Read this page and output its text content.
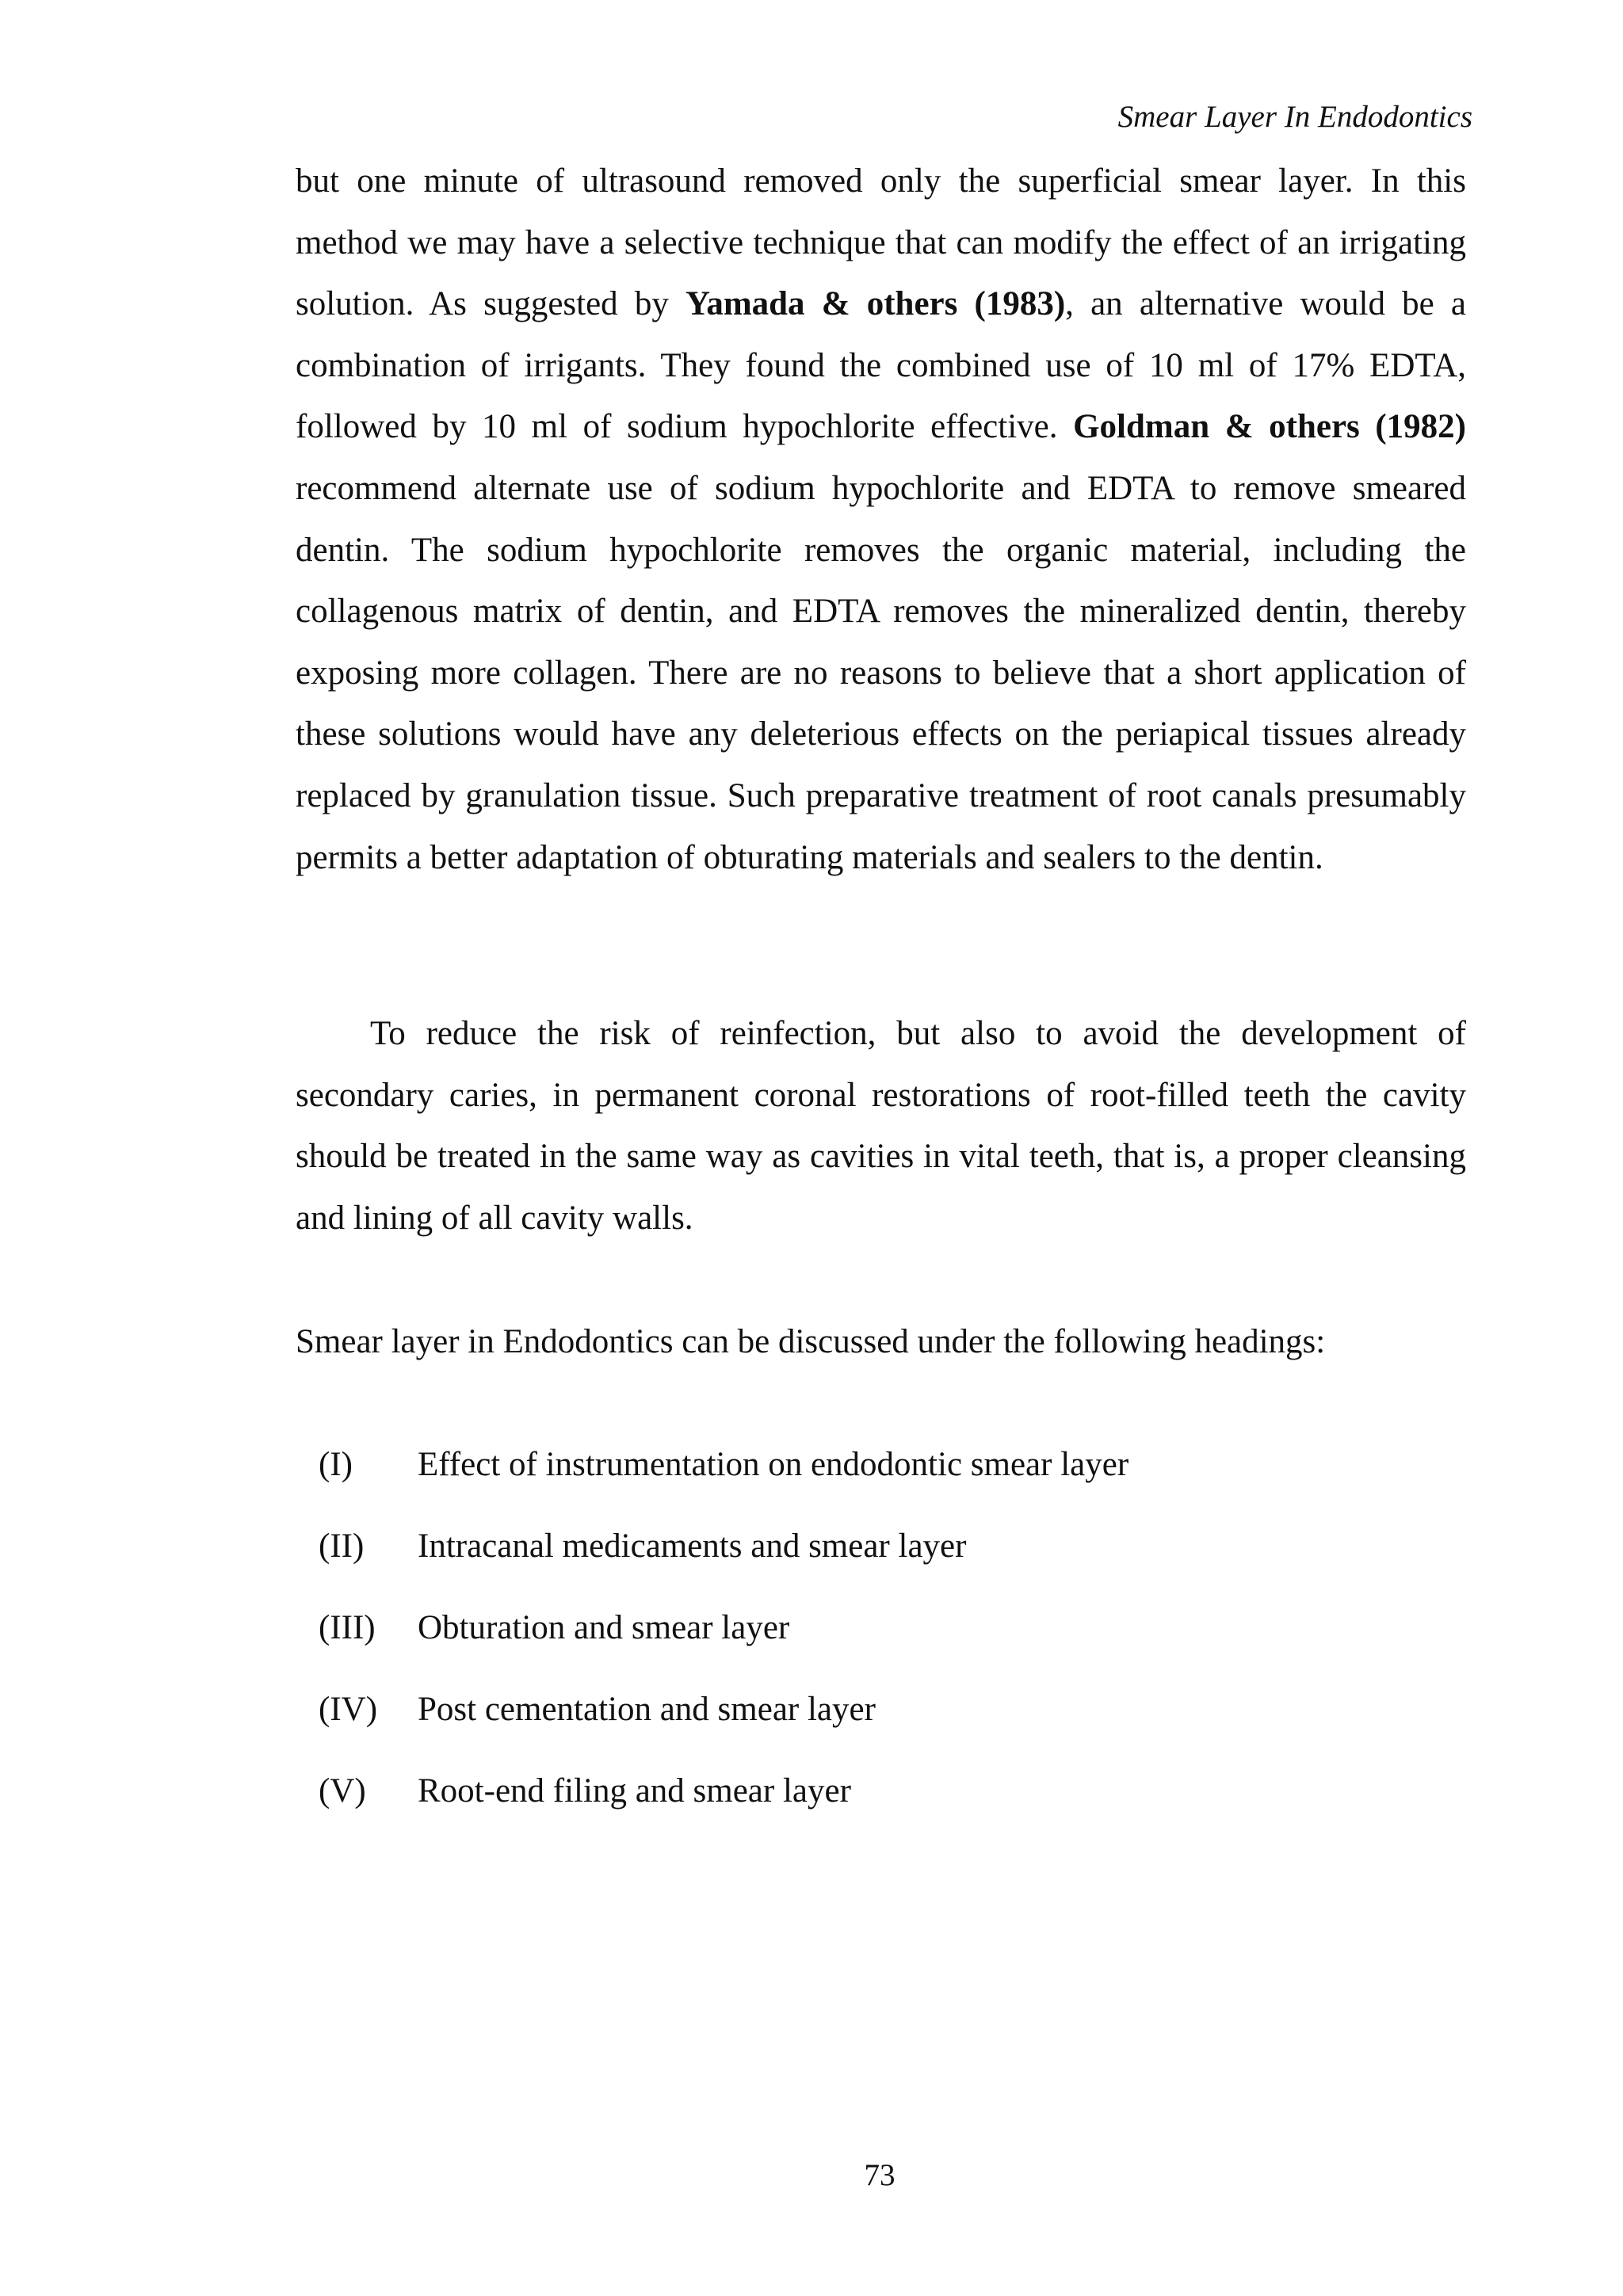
Smear Layer In Endodontics

but one minute of ultrasound removed only the superficial smear layer. In this method we may have a selective technique that can modify the effect of an irrigating solution. As suggested by Yamada & others (1983), an alternative would be a combination of irrigants. They found the combined use of 10 ml of 17% EDTA, followed by 10 ml of sodium hypochlorite effective. Goldman & others (1982) recommend alternate use of sodium hypochlorite and EDTA to remove smeared dentin. The sodium hypochlorite removes the organic material, including the collagenous matrix of dentin, and EDTA removes the mineralized dentin, thereby exposing more collagen. There are no reasons to believe that a short application of these solutions would have any deleterious effects on the periapical tissues already replaced by granulation tissue. Such preparative treatment of root canals presumably permits a better adaptation of obturating materials and sealers to the dentin.

To reduce the risk of reinfection, but also to avoid the development of secondary caries, in permanent coronal restorations of root-filled teeth the cavity should be treated in the same way as cavities in vital teeth, that is, a proper cleansing and lining of all cavity walls.

Smear layer in Endodontics can be discussed under the following headings:

(I) Effect of instrumentation on endodontic smear layer
(II) Intracanal medicaments and smear layer
(III) Obturation and smear layer
(IV) Post cementation and smear layer
(V) Root-end filing and smear layer
73
